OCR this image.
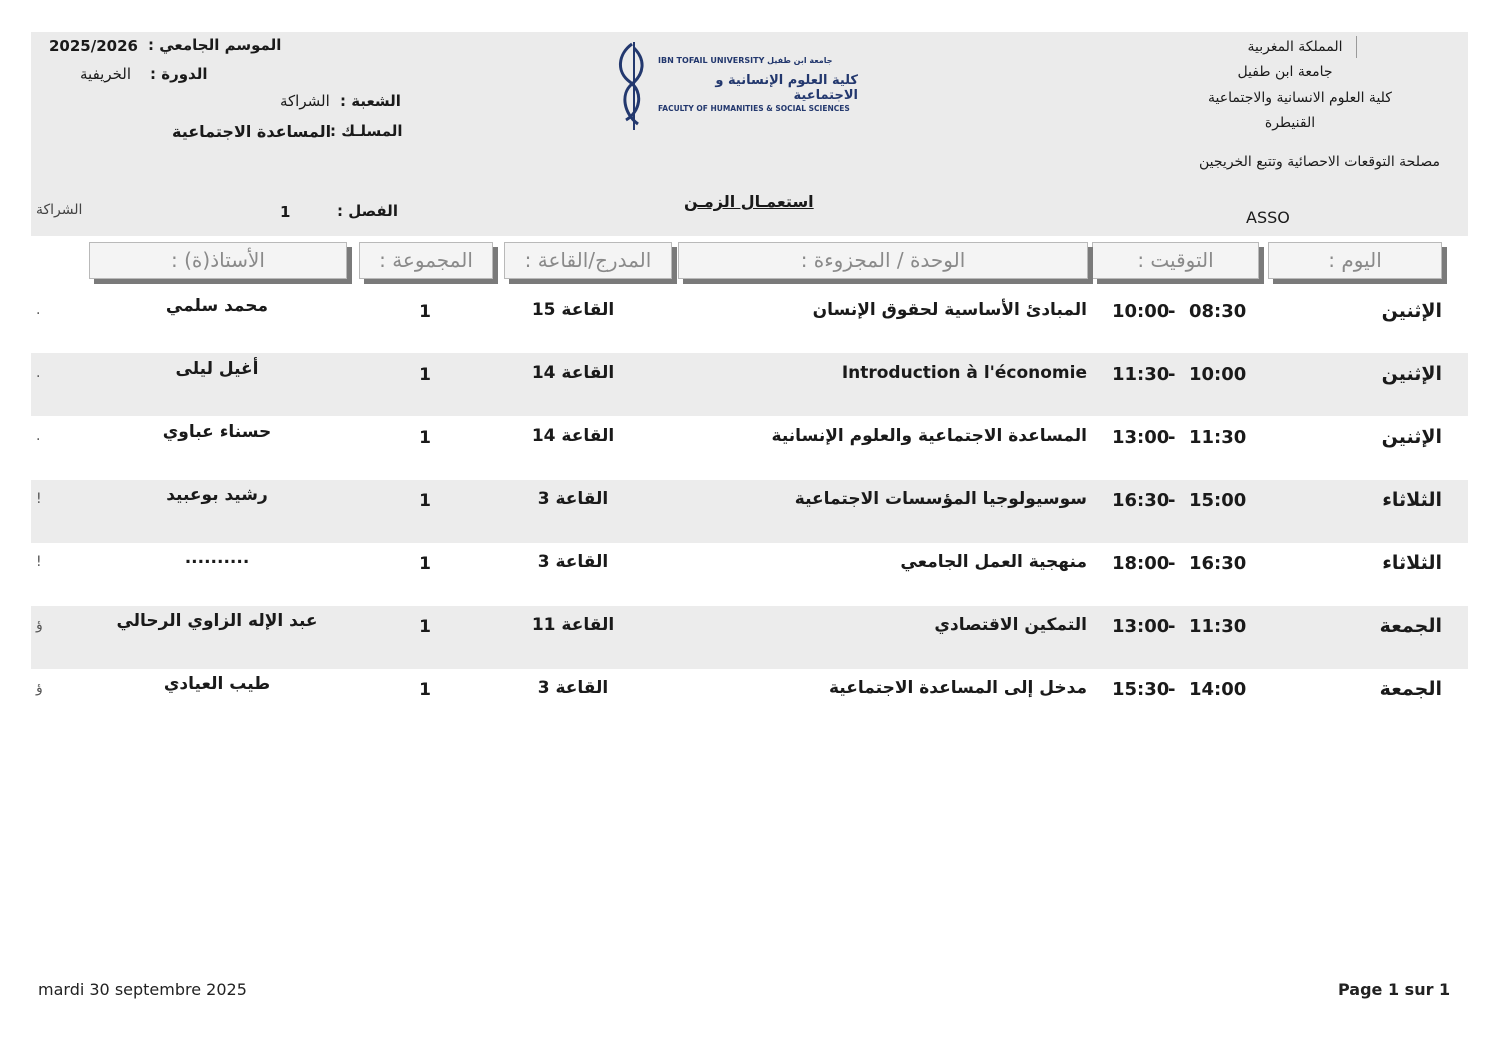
المملكة المغربية
جامعة ابن طفيل
كلية العلوم الانسانية والاجتماعية
القنيطرة
مصلحة التوقعات الاحصائية وتتبع الخريجين
ASSO
IBN TOFAIL UNIVERSITY جامعة ابن طفيل
كلية العلوم الإنسانية و الاجتماعية
FACULTY OF HUMANITIES & SOCIAL SCIENCES
الموسم الجامعي :
2025/2026
الدورة :
الخريفية
الشعبة :
الشراكة
المسلـك :
المساعدة الاجتماعية
الفصل :
1
الشراكة	استعمـال الزمـن
اليوم :
التوقيت :
الوحدة / المجزوءة :
المدرج/القاعة :
المجموعة :
الأستاذ(ة) :
الإثنين
08:30
-
10:00
المبادئ الأساسية لحقوق الإنسان
القاعة 15
1
محمد سلمي
.
الإثنين
10:00
-
11:30
Introduction à l'économie
القاعة 14
1
أغيل ليلى
.
الإثنين
11:30
-
13:00
المساعدة الاجتماعية والعلوم الإنسانية
القاعة 14
1
حسناء عباوي
.
الثلاثاء
15:00
-
16:30
سوسيولوجيا المؤسسات الاجتماعية
القاعة 3
1
رشيد بوعبيد
!
الثلاثاء
16:30
-
18:00
منهجية العمل الجامعي
القاعة 3
1
..........
!
الجمعة
11:30
-
13:00
التمكين الاقتصادي
القاعة 11
1
عبد الإله الزاوي الرحالي
ؤ
الجمعة
14:00
-
15:30
مدخل إلى المساعدة الاجتماعية
القاعة 3
1
طيب العيادي
ؤ
mardi 30 septembre 2025	Page 1 sur 1
